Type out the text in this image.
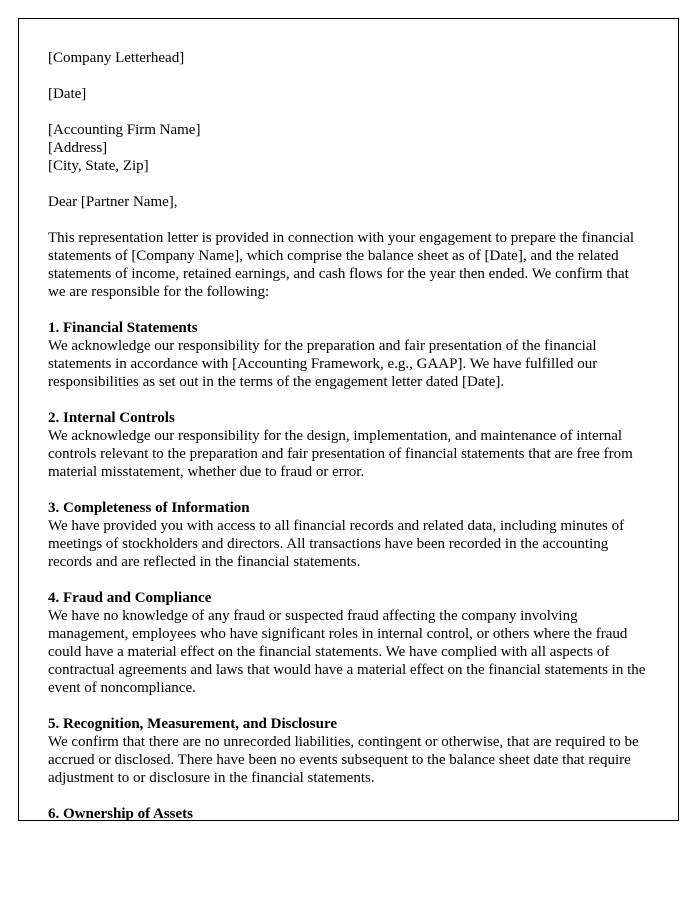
[Company Letterhead]
[Date]
[Accounting Firm Name]
[Address]
[City, State, Zip]
Dear [Partner Name],
This representation letter is provided in connection with your engagement to prepare the financial statements of [Company Name], which comprise the balance sheet as of [Date], and the related statements of income, retained earnings, and cash flows for the year then ended. We confirm that we are responsible for the following:
1. Financial Statements
We acknowledge our responsibility for the preparation and fair presentation of the financial statements in accordance with [Accounting Framework, e.g., GAAP]. We have fulfilled our responsibilities as set out in the terms of the engagement letter dated [Date].
2. Internal Controls
We acknowledge our responsibility for the design, implementation, and maintenance of internal controls relevant to the preparation and fair presentation of financial statements that are free from material misstatement, whether due to fraud or error.
3. Completeness of Information
We have provided you with access to all financial records and related data, including minutes of meetings of stockholders and directors. All transactions have been recorded in the accounting records and are reflected in the financial statements.
4. Fraud and Compliance
We have no knowledge of any fraud or suspected fraud affecting the company involving management, employees who have significant roles in internal control, or others where the fraud could have a material effect on the financial statements. We have complied with all aspects of contractual agreements and laws that would have a material effect on the financial statements in the event of noncompliance.
5. Recognition, Measurement, and Disclosure
We confirm that there are no unrecorded liabilities, contingent or otherwise, that are required to be accrued or disclosed. There have been no events subsequent to the balance sheet date that require adjustment to or disclosure in the financial statements.
6. Ownership of Assets
